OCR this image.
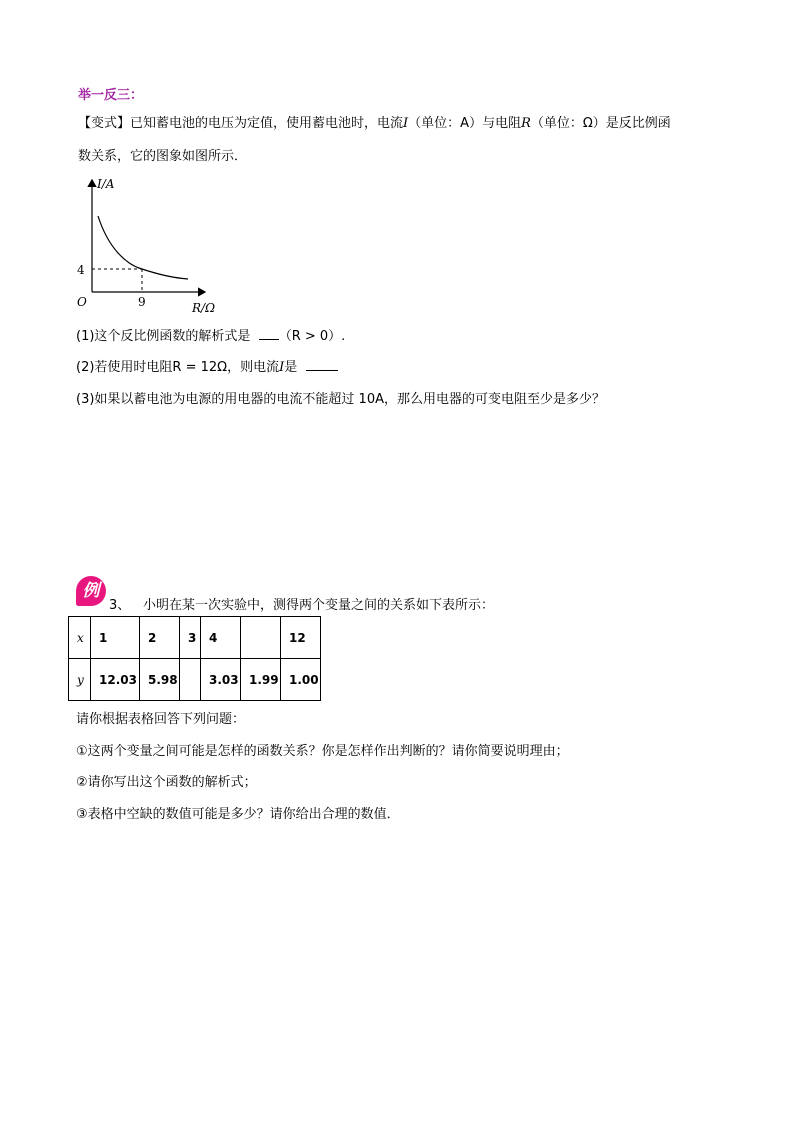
举一反三：
【变式】已知蓄电池的电压为定值，使用蓄电池时，电流I（单位：A）与电阻R（单位：Ω）是反比例函
数关系，它的图象如图所示．
I/A
4
O	9	R/Ω
(1)这个反比例函数的解析式是 （R > 0）.
(2)若使用时电阻R = 12Ω，则电流I是
(3)如果以蓄电池为电源的用电器的电流不能超过 10A，那么用电器的可变电阻至少是多少？
例
3、 小明在某一次实验中，测得两个变量之间的关系如下表所示：
x	1	2	3	4		12
y	12.03	5.98		3.03	1.99	1.00
请你根据表格回答下列问题：
①这两个变量之间可能是怎样的函数关系？你是怎样作出判断的？请你简要说明理由；
②请你写出这个函数的解析式；
③表格中空缺的数值可能是多少？请你给出合理的数值．
